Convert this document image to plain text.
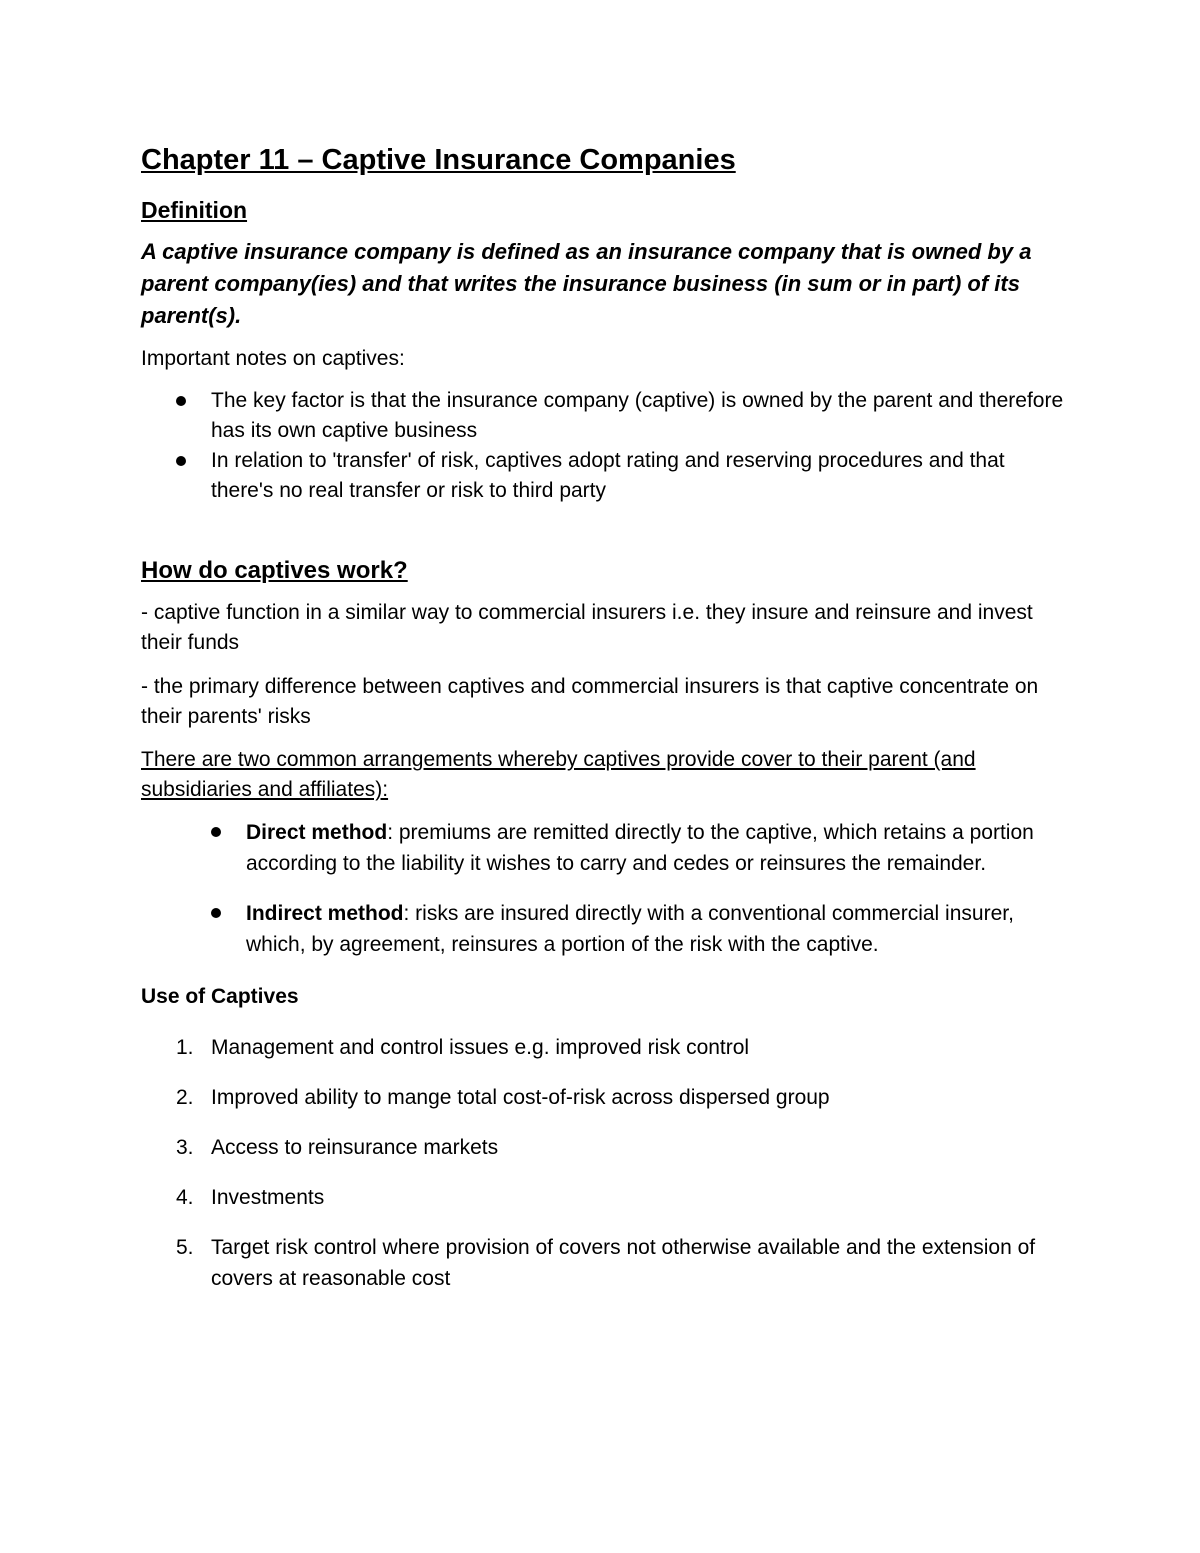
Chapter 11 – Captive Insurance Companies
Definition

A captive insurance company is defined as an insurance company that is owned by a parent company(ies) and that writes the insurance business (in sum or in part) of its parent(s).

Important notes on captives:

The key factor is that the insurance company (captive) is owned by the parent and therefore has its own captive business
In relation to 'transfer' of risk, captives adopt rating and reserving procedures and that there's no real transfer or risk to third party
How do captives work?

- captive function in a similar way to commercial insurers i.e. they insure and reinsure and invest their funds

- the primary difference between captives and commercial insurers is that captive concentrate on their parents' risks

There are two common arrangements whereby captives provide cover to their parent (and subsidiaries and affiliates):

Direct method: premiums are remitted directly to the captive, which retains a portion according to the liability it wishes to carry and cedes or reinsures the remainder.
Indirect method: risks are insured directly with a conventional commercial insurer, which, by agreement, reinsures a portion of the risk with the captive.
Use of Captives
1. Management and control issues e.g. improved risk control
2. Improved ability to mange total cost-of-risk across dispersed group
3. Access to reinsurance markets
4. Investments
5. Target risk control where provision of covers not otherwise available and the extension of covers at reasonable cost
